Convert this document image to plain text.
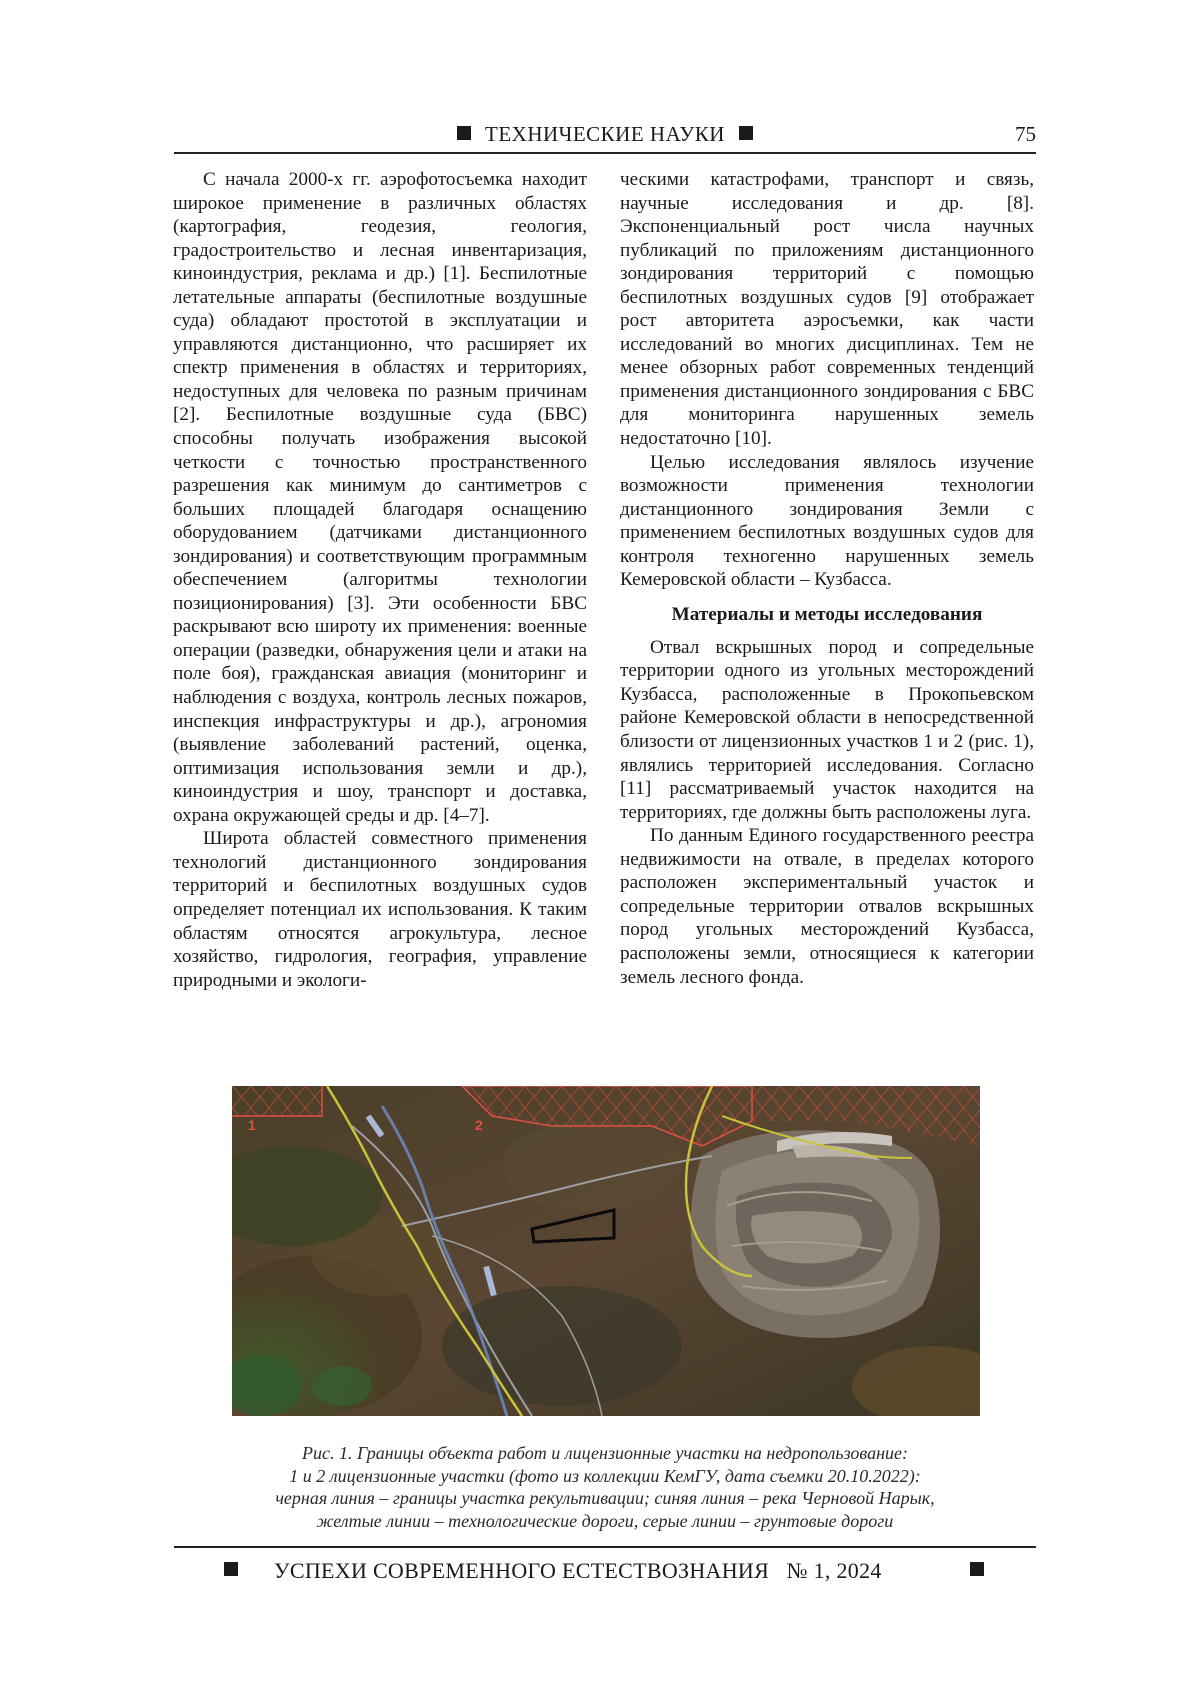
ТЕХНИЧЕСКИЕ НАУКИ	75

С начала 2000-х гг. аэрофотосъемка находит широкое применение в различных областях (картография, геодезия, геология, градостроительство и лесная инвентаризация, киноиндустрия, реклама и др.) [1]. Беспилотные летательные аппараты (беспилотные воздушные суда) обладают простотой в эксплуатации и управляются дистанционно, что расширяет их спектр применения в областях и территориях, недоступных для человека по разным причинам [2]. Беспилотные воздушные суда (БВС) способны получать изображения высокой четкости с точностью пространственного разрешения как минимум до сантиметров с больших площадей благодаря оснащению оборудованием (датчиками дистанционного зондирования) и соответствующим программным обеспечением (алгоритмы технологии позиционирования) [3]. Эти особенности БВС раскрывают всю широту их применения: военные операции (разведки, обнаружения цели и атаки на поле боя), гражданская авиация (мониторинг и наблюдения с воздуха, контроль лесных пожаров, инспекция инфраструктуры и др.), агрономия (выявление заболеваний растений, оценка, оптимизация использования земли и др.), киноиндустрия и шоу, транспорт и доставка, охрана окружающей среды и др. [4–7].

Широта областей совместного применения технологий дистанционного зондирования территорий и беспилотных воздушных судов определяет потенциал их использования. К таким областям относятся агрокультура, лесное хозяйство, гидрология, география, управление природными и экологи-

ческими катастрофами, транспорт и связь, научные исследования и др. [8]. Экспоненциальный рост числа научных публикаций по приложениям дистанционного зондирования территорий с помощью беспилотных воздушных судов [9] отображает рост авторитета аэросъемки, как части исследований во многих дисциплинах. Тем не менее обзорных работ современных тенденций применения дистанционного зондирования с БВС для мониторинга нарушенных земель недостаточно [10].

Целью исследования являлось изучение возможности применения технологии дистанционного зондирования Земли с применением беспилотных воздушных судов для контроля техногенно нарушенных земель Кемеровской области – Кузбасса.

Материалы и методы исследования

Отвал вскрышных пород и сопредельные территории одного из угольных месторождений Кузбасса, расположенные в Прокопьевском районе Кемеровской области в непосредственной близости от лицензионных участков 1 и 2 (рис. 1), являлись территорией исследования. Согласно [11] рассматриваемый участок находится на территориях, где должны быть расположены луга.

По данным Единого государственного реестра недвижимости на отвале, в пределах которого расположен экспериментальный участок и сопредельные территории отвалов вскрышных пород угольных месторождений Кузбасса, расположены земли, относящиеся к категории земель лесного фонда.

1	2
Рис. 1. Границы объекта работ и лицензионные участки на недропользование:
1 и 2 лицензионные участки (фото из коллекции КемГУ, дата съемки 20.10.2022):
черная линия – границы участка рекультивации; синяя линия – река Черновой Нарык,
желтые линии – технологические дороги, серые линии – грунтовые дороги
УСПЕХИ СОВРЕМЕННОГО ЕСТЕСТВОЗНАНИЯ № 1, 2024
